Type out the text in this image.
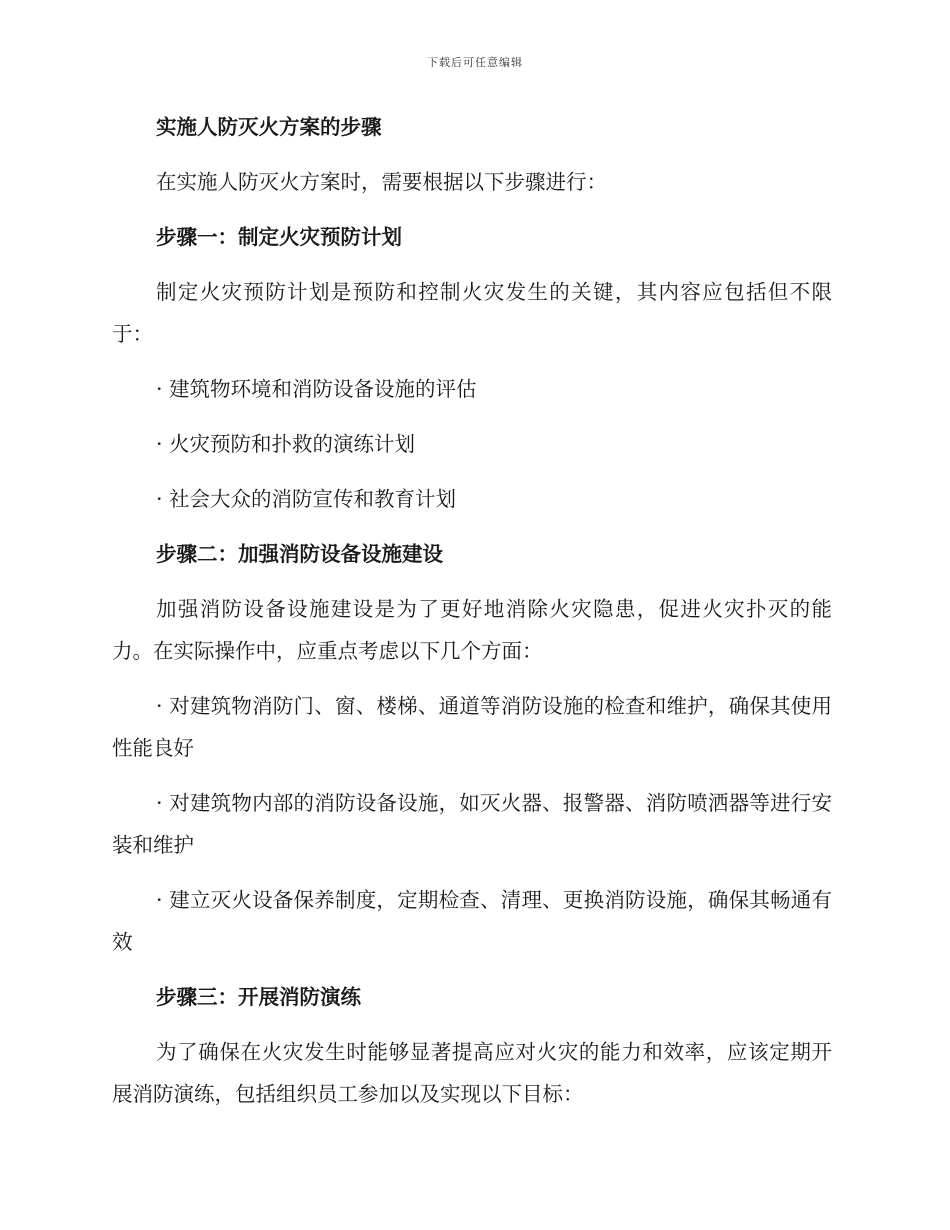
下载后可任意编辑
实施人防灭火方案的步骤

在实施人防灭火方案时，需要根据以下步骤进行：

步骤一：制定火灾预防计划

制定火灾预防计划是预防和控制火灾发生的关键，其内容应包括但不限于：

· 建筑物环境和消防设备设施的评估

· 火灾预防和扑救的演练计划

· 社会大众的消防宣传和教育计划

步骤二：加强消防设备设施建设

加强消防设备设施建设是为了更好地消除火灾隐患，促进火灾扑灭的能力。在实际操作中，应重点考虑以下几个方面：

· 对建筑物消防门、窗、楼梯、通道等消防设施的检查和维护，确保其使用性能良好

· 对建筑物内部的消防设备设施，如灭火器、报警器、消防喷洒器等进行安装和维护

· 建立灭火设备保养制度，定期检查、清理、更换消防设施，确保其畅通有效

步骤三：开展消防演练

为了确保在火灾发生时能够显著提高应对火灾的能力和效率，应该定期开展消防演练，包括组织员工参加以及实现以下目标：
